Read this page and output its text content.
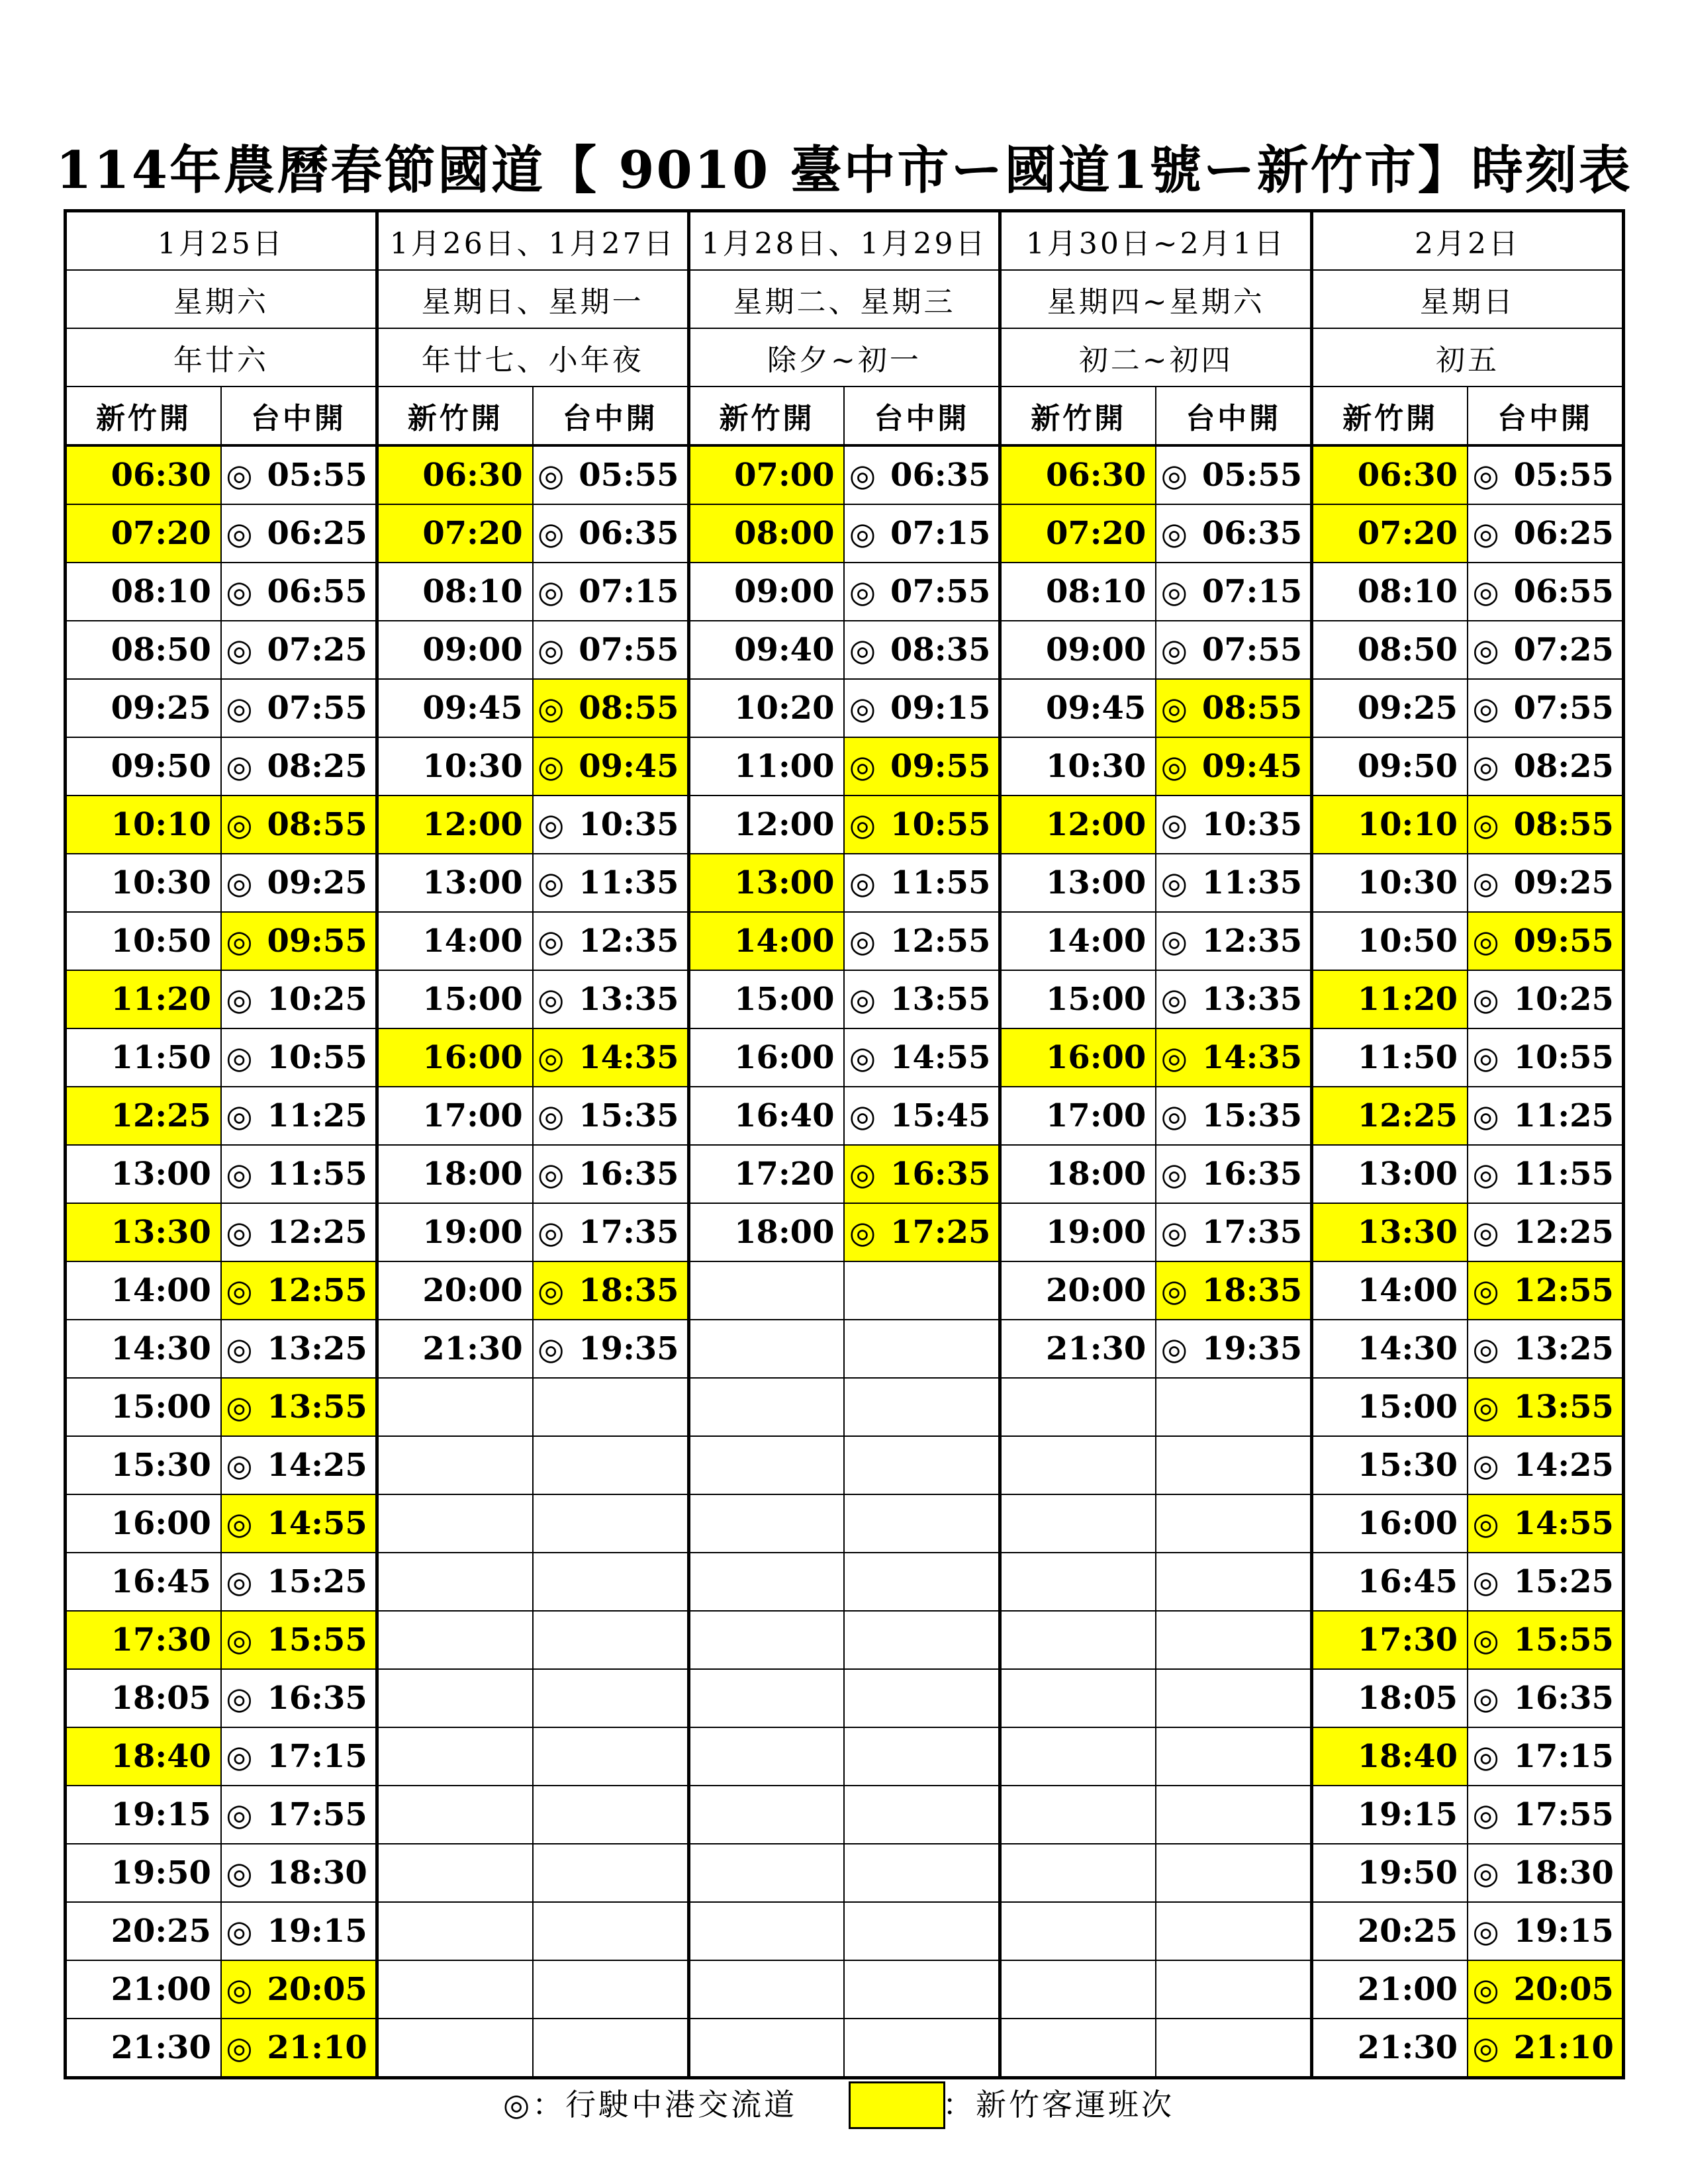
114年農曆春節國道【 9010 臺中市ー國道1號ー新竹市】時刻表
1月25日		1月26日、1月27日		1月28日、1月29日		1月30日~2月1日		2月2日	
星期六		星期日、星期一		星期二、星期三		星期四~星期六		星期日	
年廿六		年廿七、小年夜		除夕~初一		初二~初四		初五	
新竹開	台中開	新竹開	台中開	新竹開	台中開	新竹開	台中開	新竹開	台中開
06:30	◎ 05:55	06:30	◎ 05:55	07:00	◎ 06:35	06:30	◎ 05:55	06:30	◎ 05:55
07:20	◎ 06:25	07:20	◎ 06:35	08:00	◎ 07:15	07:20	◎ 06:35	07:20	◎ 06:25
08:10	◎ 06:55	08:10	◎ 07:15	09:00	◎ 07:55	08:10	◎ 07:15	08:10	◎ 06:55
08:50	◎ 07:25	09:00	◎ 07:55	09:40	◎ 08:35	09:00	◎ 07:55	08:50	◎ 07:25
09:25	◎ 07:55	09:45	◎ 08:55	10:20	◎ 09:15	09:45	◎ 08:55	09:25	◎ 07:55
09:50	◎ 08:25	10:30	◎ 09:45	11:00	◎ 09:55	10:30	◎ 09:45	09:50	◎ 08:25
10:10	◎ 08:55	12:00	◎ 10:35	12:00	◎ 10:55	12:00	◎ 10:35	10:10	◎ 08:55
10:30	◎ 09:25	13:00	◎ 11:35	13:00	◎ 11:55	13:00	◎ 11:35	10:30	◎ 09:25
10:50	◎ 09:55	14:00	◎ 12:35	14:00	◎ 12:55	14:00	◎ 12:35	10:50	◎ 09:55
11:20	◎ 10:25	15:00	◎ 13:35	15:00	◎ 13:55	15:00	◎ 13:35	11:20	◎ 10:25
11:50	◎ 10:55	16:00	◎ 14:35	16:00	◎ 14:55	16:00	◎ 14:35	11:50	◎ 10:55
12:25	◎ 11:25	17:00	◎ 15:35	16:40	◎ 15:45	17:00	◎ 15:35	12:25	◎ 11:25
13:00	◎ 11:55	18:00	◎ 16:35	17:20	◎ 16:35	18:00	◎ 16:35	13:00	◎ 11:55
13:30	◎ 12:25	19:00	◎ 17:35	18:00	◎ 17:25	19:00	◎ 17:35	13:30	◎ 12:25
14:00	◎ 12:55	20:00	◎ 18:35			20:00	◎ 18:35	14:00	◎ 12:55
14:30	◎ 13:25	21:30	◎ 19:35			21:30	◎ 19:35	14:30	◎ 13:25
15:00	◎ 13:55							15:00	◎ 13:55
15:30	◎ 14:25							15:30	◎ 14:25
16:00	◎ 14:55							16:00	◎ 14:55
16:45	◎ 15:25							16:45	◎ 15:25
17:30	◎ 15:55							17:30	◎ 15:55
18:05	◎ 16:35							18:05	◎ 16:35
18:40	◎ 17:15							18:40	◎ 17:15
19:15	◎ 17:55							19:15	◎ 17:55
19:50	◎ 18:30							19:50	◎ 18:30
20:25	◎ 19:15							20:25	◎ 19:15
21:00	◎ 20:05							21:00	◎ 20:05
21:30	◎ 21:10							21:30	◎ 21:10
◎：行駛中港交流道	：新竹客運班次
